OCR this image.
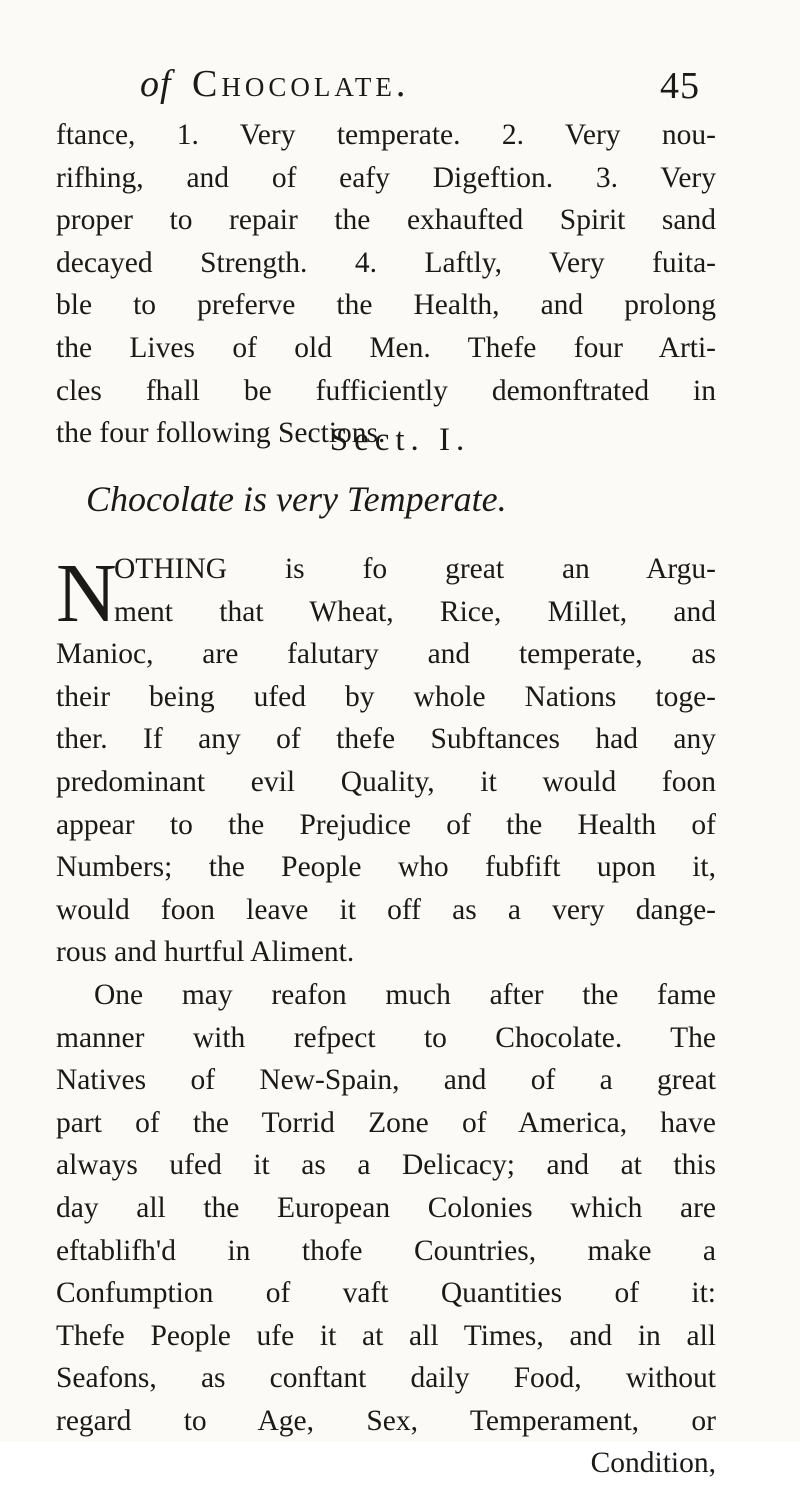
of Chocolate.	45
ftance, 1. Very temperate. 2. Very nou-
rifhing, and of eafy Digeftion. 3. Very
proper to repair the exhaufted Spirit sand
decayed Strength. 4. Laftly, Very fuita-
ble to preferve the Health, and prolong
the Lives of old Men. Thefe four Arti-
cles fhall be fufficiently demonftrated in
the four following Sections.
Sect. I.
Chocolate is very Temperate.
N
OTHING is fo great an Argu-
ment that Wheat, Rice, Millet, and
Manioc, are falutary and temperate, as
their being ufed by whole Nations toge-
ther. If any of thefe Subftances had any
predominant evil Quality, it would foon
appear to the Prejudice of the Health of
Numbers; the People who fubfift upon it,
would foon leave it off as a very dange-
rous and hurtful Aliment.
One may reafon much after the fame
manner with refpect to Chocolate. The
Natives of New-Spain, and of a great
part of the Torrid Zone of America, have
always ufed it as a Delicacy; and at this
day all the European Colonies which are
eftablifh'd in thofe Countries, make a
Confumption of vaft Quantities of it:
Thefe People ufe it at all Times, and in all
Seafons, as conftant daily Food, without
regard to Age, Sex, Temperament, or
Condition,
